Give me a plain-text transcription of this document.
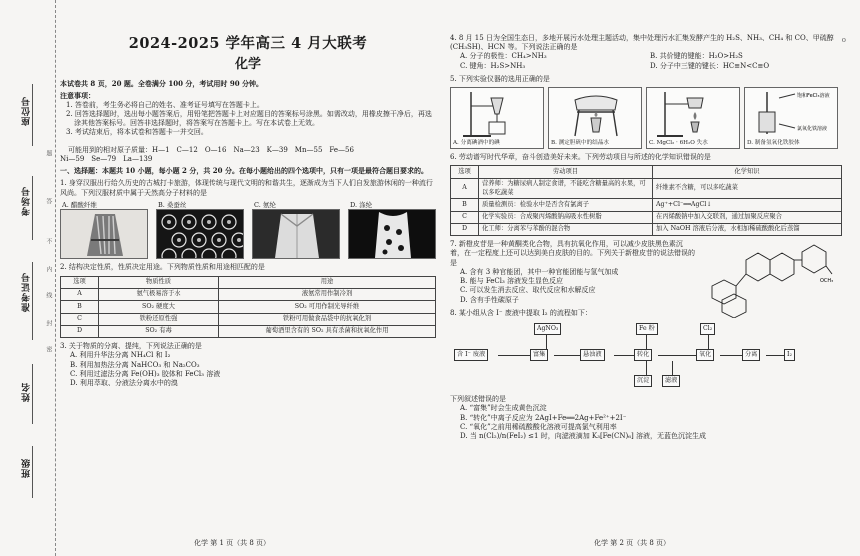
座位号
考场号
准考证号
姓名
班级
题
答
不
内
线
封
密
2024-2025 学年高三 4 月大联考
化学
本试卷共 8 页，20 题。全卷满分 100 分，考试用时 90 分钟。
注意事项：
1. 答卷前，考生务必将自己的姓名、准考证号填写在答题卡上。
2. 回答选择题时，选出每小题答案后，用铅笔把答题卡上对应题目的答案标号涂黑。如需改动，用橡皮擦干净后，再选涂其他答案标号。回答非选择题时，将答案写在答题卡上。写在本试卷上无效。
3. 考试结束后，将本试卷和答题卡一并交回。
可能用到的相对原子质量：H—1　C—12　O—16　Na—23　K—39　Mn—55　Fe—56
Ni—59　Se—79　La—139
一、选择题：本题共 10 小题，每小题 2 分，共 20 分。在每小题给出的四个选项中，只有一项是最符合题目要求的。
1. 身穿汉服出行给久历史的古城打卡旅游，体现传统与现代文明的和谐共生，逐渐成为当下人们自发旅游休闲的一种流行风尚。下列汉服材质中属于天然高分子材料的是
A. 醋酸纤维	B. 桑蚕丝	C. 氨纶	D. 涤纶
2. 结构决定性质，性质决定用途。下列物质性质和用途相匹配的是
选项	物质性质	用途
A	氨气极易溶于水	液氨常用作制冷剂
B	SO₂ 硬度大	SO₂ 可用作制光导纤维
C	铁粉还原性强	铁粉可用做食品袋中的抗氧化剂
D	SO₂ 有毒	葡萄酒里含有的 SO₂ 具有杀菌和抗氧化作用
3. 关于物质的分离、提纯，下列说法正确的是
A. 利用升华法分离 NH₄Cl 和 I₂
B. 利用加热法分离 NaHCO₃ 和 Na₂CO₃
C. 利用过滤法分离 Fe(OH)₃ 胶体和 FeCl₃ 溶液
D. 利用萃取、分液法分离水中的溴
4. 8 月 15 日为全国生态日，多地开展污水处理主题活动，集中处理污水汇集发酵产生的 H₂S、NH₃、CH₄ 和 CO、甲硫醇(CH₃SH)、HCN 等。下列说法正确的是
A. 分子的极性：CH₄>NH₃	B. 共价键的键能：H₂O>H₂S
C. 键角：H₂S>NH₃	D. 分子中三键的键长：HC≡N<C≡O
5. 下列实验仪器的选用正确的是
A. 分离碘酒中的碘	B. 测定胆矾中的结晶水	C. MgCl₂ · 6H₂O 失水
饱和FeCl₃溶液
氯氧化铁溶液
D. 制备氢氧化铁胶体
6. 劳动谱写时代华章，奋斗创造美好未来。下列劳动项目与所述的化学知识错误的是
选项	劳动项目	化学知识
A	营养师：为糖尿病人制定食谱，不能吃含糖量高的水果，可以多吃蔬菜	纤维素不含糖，可以多吃蔬菜
B	质量检测员：检验水中是否含有氯离子	Ag⁺+Cl⁻══AgCl↓
C	化学实验员：合成聚丙烯酸钠高吸水性树脂	在丙烯酸钠中加入交联剂，通过加聚反应聚合
D	化工师：分离苯与苯酚的混合物	加入 NaOH 溶液后分液，水相加稀硫酸酸化后蒸馏
7. 新橙皮苷是一种黄酮类化合物，具有抗氧化作用，可以减少皮肤黑色素沉着，在一定程度上还可以达到美白皮肤的目的。下列关于新橙皮苷的说法错误的是
A. 含有 3 种官能团，其中一种官能团能与氢气加成
B. 能与 FeCl₃ 溶液发生显色反应
C. 可以发生消去反应、取代反应和水解反应
D. 含有手性碳原子
OCH₃
8. 某小组从含 I⁻ 废液中提取 I₂ 的流程如下：
AgNO₃	Fe 粉	Cl₂
含 I⁻ 废液	富集	悬浊液	转化	氧化	分离	I₂
沉淀	滤液
下列叙述错误的是
A. “富集”时会生成黄色沉淀
B. “转化”中离子反应为 2AgI+Fe══2Ag+Fe²⁺+2I⁻
C. “氧化”之前用稀硫酸酸化溶液可提高氯气利用率
D. 当 n(Cl₂)/n(FeI₂) ≤1 时，向滤液滴加 K₃[Fe(CN)₆] 溶液，无蓝色沉淀生成
o
化学 第 1 页（共 8 页）	化学 第 2 页（共 8 页）
